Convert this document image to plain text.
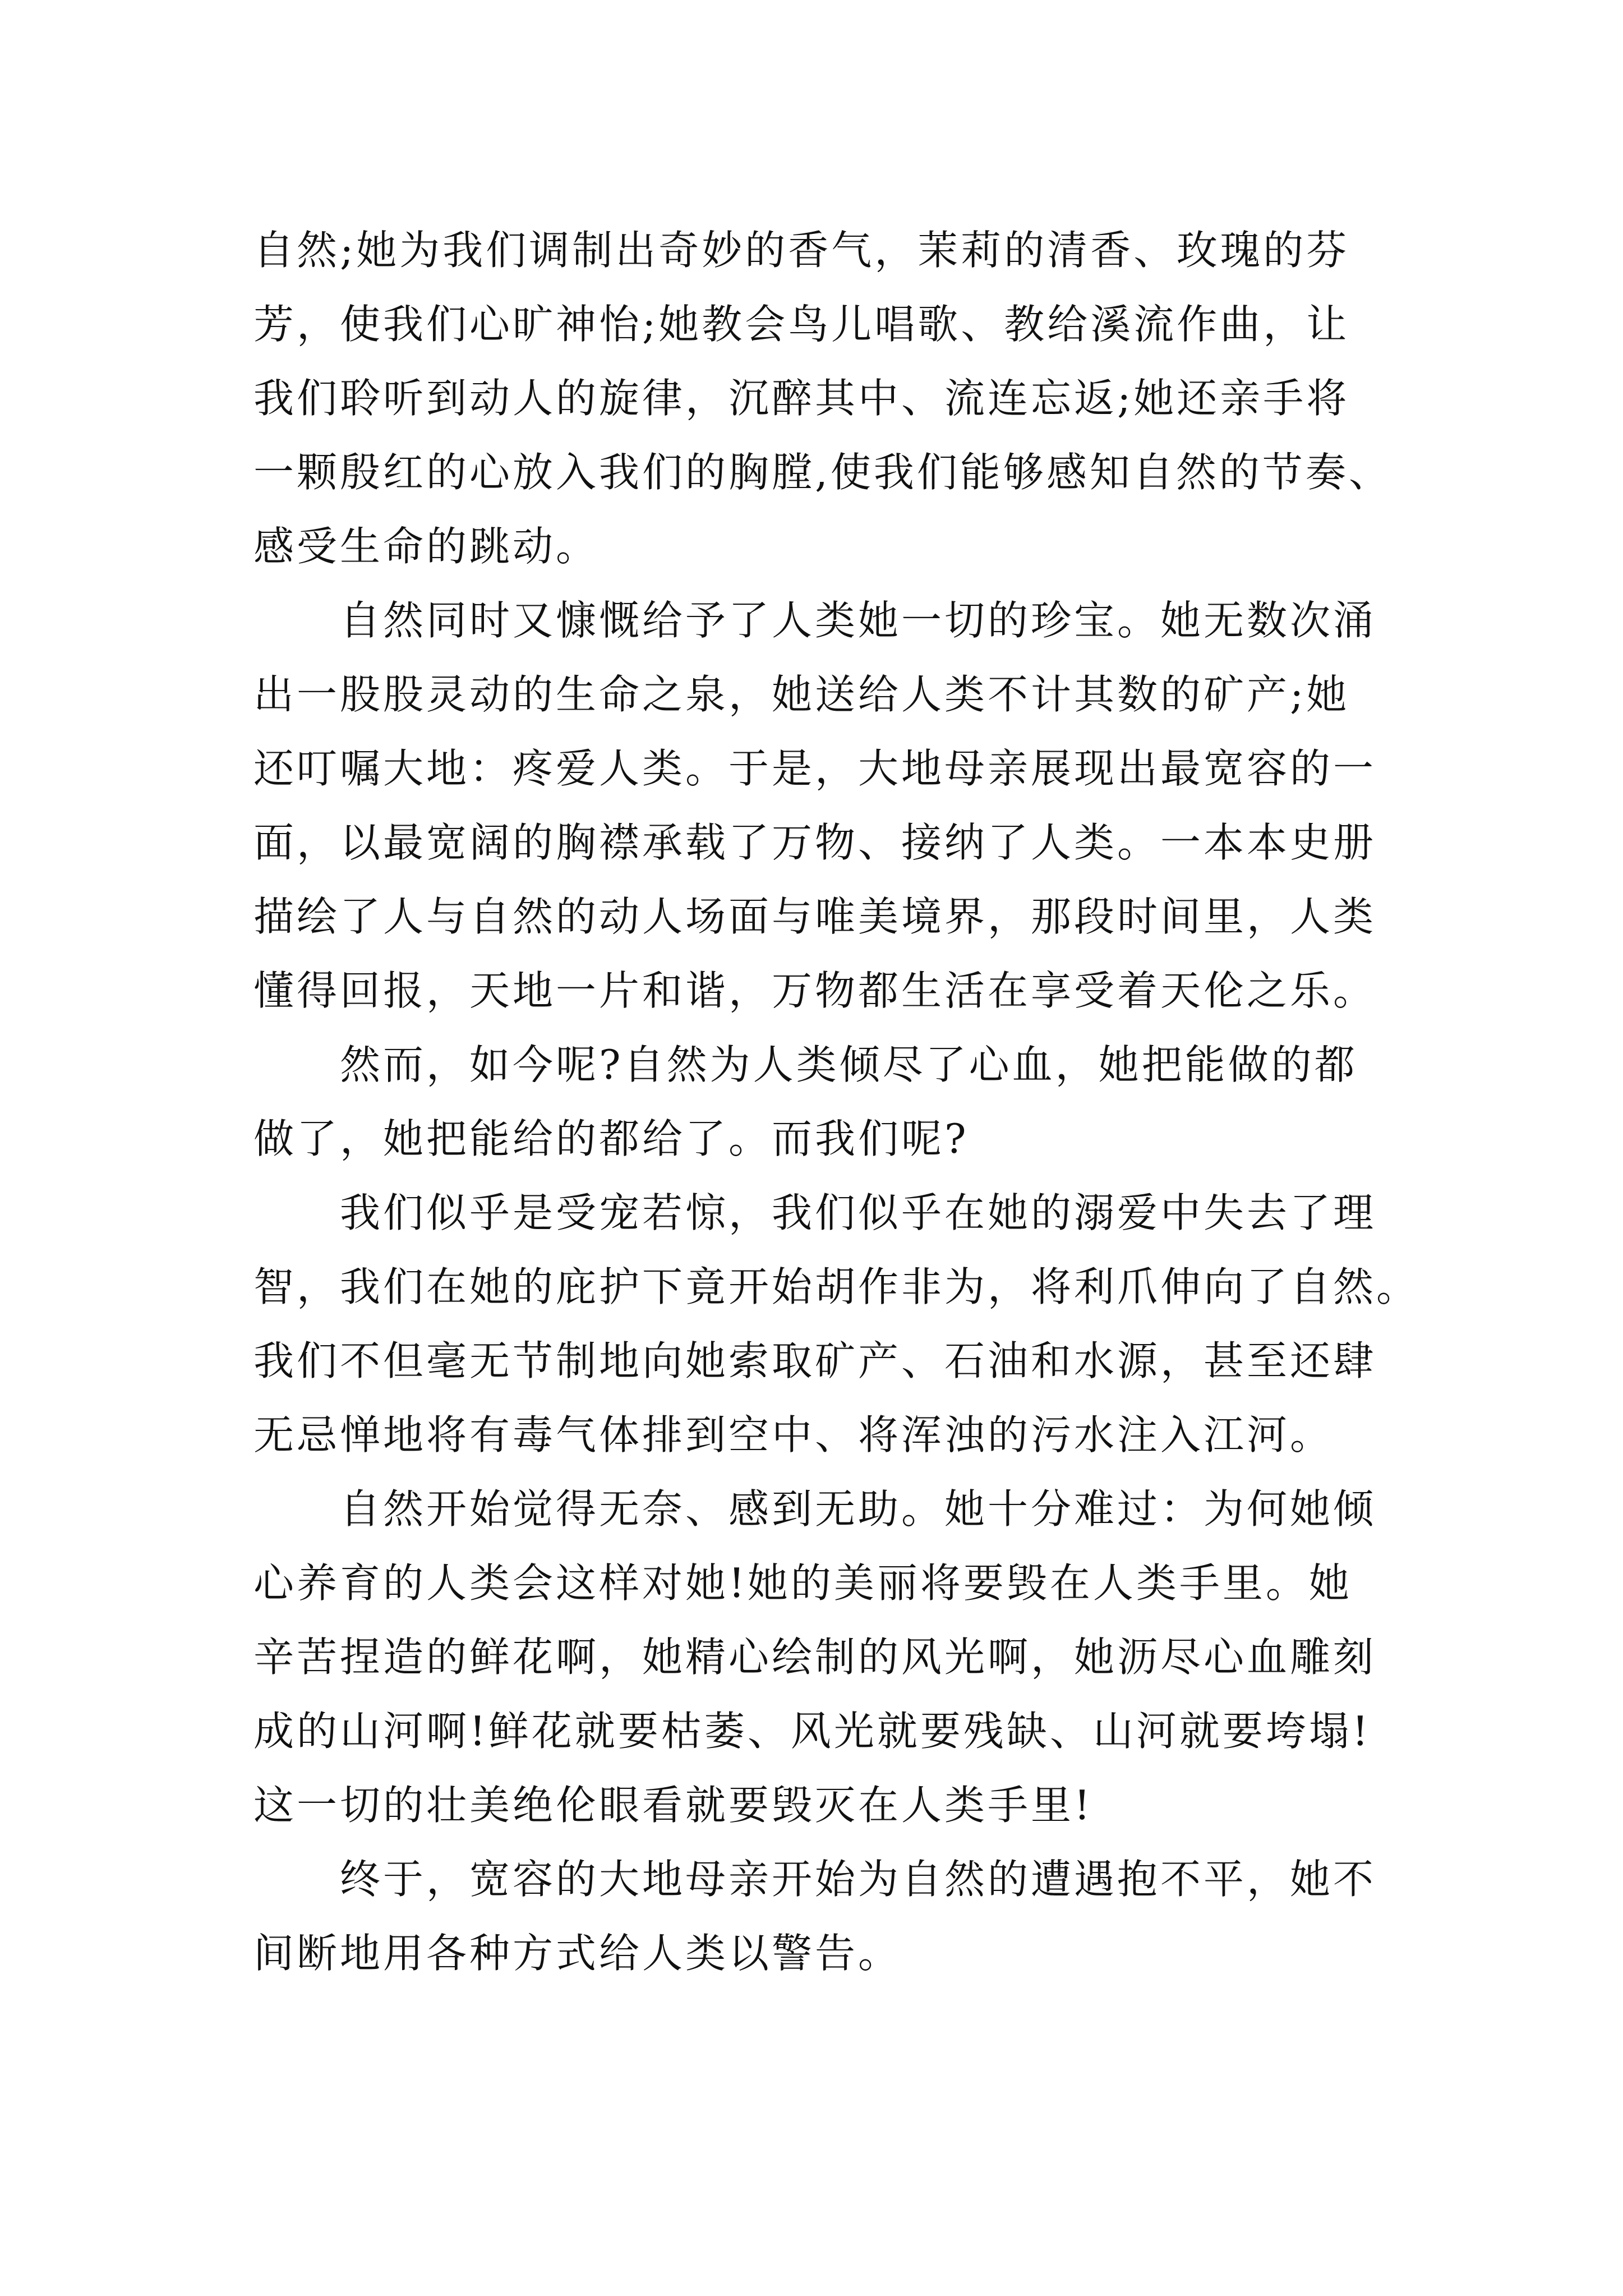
自然;她为我们调制出奇妙的香气，茉莉的清香、玫瑰的芬
芳，使我们心旷神怡;她教会鸟儿唱歌、教给溪流作曲，让
我们聆听到动人的旋律，沉醉其中、流连忘返;她还亲手将
一颗殷红的心放入我们的胸膛,使我们能够感知自然的节奏、
感受生命的跳动。
自然同时又慷慨给予了人类她一切的珍宝。她无数次涌
出一股股灵动的生命之泉，她送给人类不计其数的矿产;她
还叮嘱大地：疼爱人类。于是，大地母亲展现出最宽容的一
面，以最宽阔的胸襟承载了万物、接纳了人类。一本本史册
描绘了人与自然的动人场面与唯美境界，那段时间里，人类
懂得回报，天地一片和谐，万物都生活在享受着天伦之乐。
然而，如今呢?自然为人类倾尽了心血，她把能做的都
做了，她把能给的都给了。而我们呢?
我们似乎是受宠若惊，我们似乎在她的溺爱中失去了理
智，我们在她的庇护下竟开始胡作非为，将利爪伸向了自然。
我们不但毫无节制地向她索取矿产、石油和水源，甚至还肆
无忌惮地将有毒气体排到空中、将浑浊的污水注入江河。
自然开始觉得无奈、感到无助。她十分难过：为何她倾
心养育的人类会这样对她!她的美丽将要毁在人类手里。她
辛苦捏造的鲜花啊，她精心绘制的风光啊，她沥尽心血雕刻
成的山河啊!鲜花就要枯萎、风光就要残缺、山河就要垮塌!
这一切的壮美绝伦眼看就要毁灭在人类手里!
终于，宽容的大地母亲开始为自然的遭遇抱不平，她不
间断地用各种方式给人类以警告。
